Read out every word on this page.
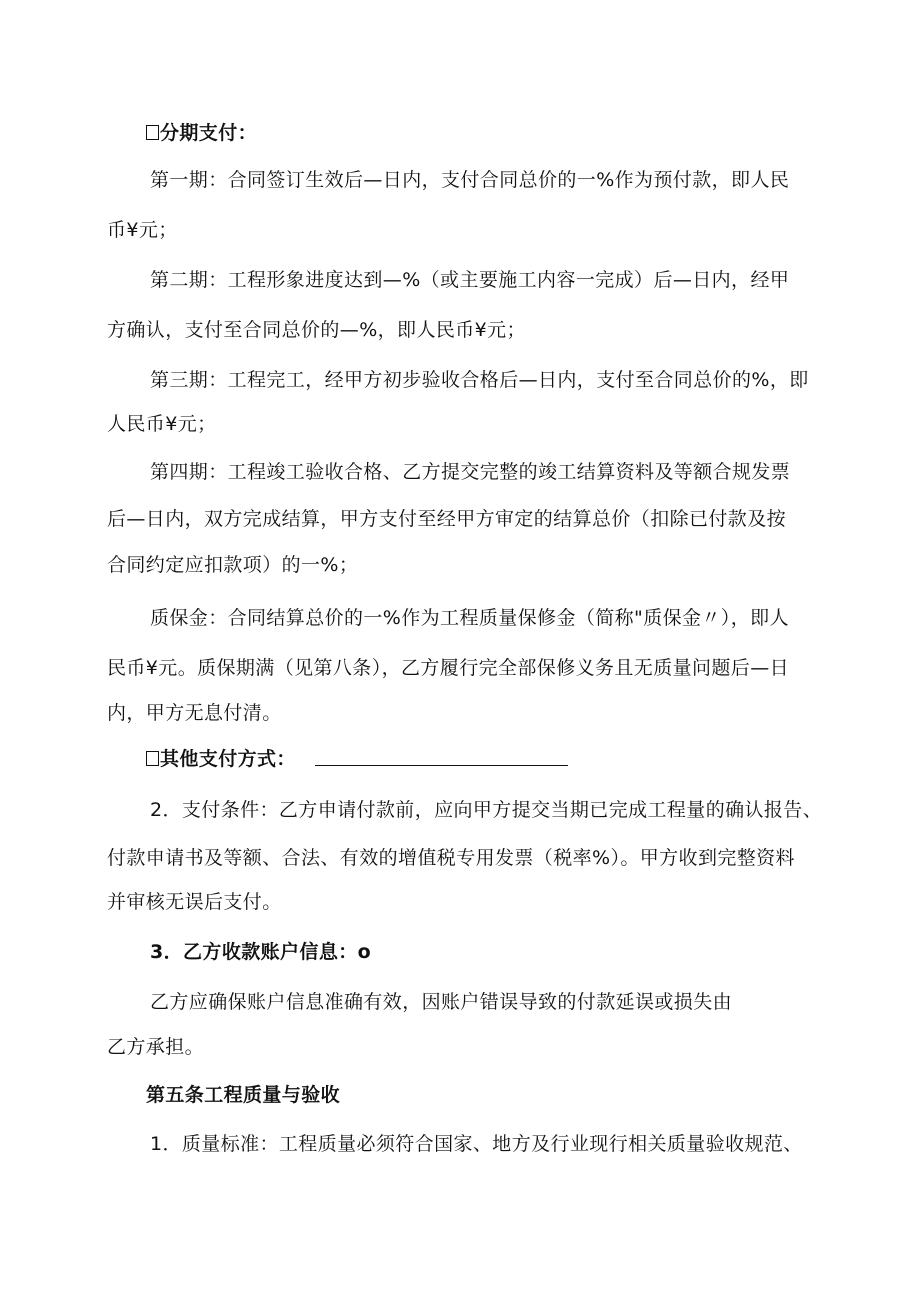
分期支付：
第一期：合同签订生效后—日内，支付合同总价的一%作为预付款，即人民
币¥元；
第二期：工程形象进度达到—%（或主要施工内容一完成）后—日内，经甲
方确认，支付至合同总价的—%，即人民币¥元；
第三期：工程完工，经甲方初步验收合格后—日内，支付至合同总价的%，即
人民币¥元；
第四期：工程竣工验收合格、乙方提交完整的竣工结算资料及等额合规发票
后—日内，双方完成结算，甲方支付至经甲方审定的结算总价（扣除已付款及按
合同约定应扣款项）的一%；
质保金：合同结算总价的一%作为工程质量保修金（简称"质保金〃），即人
民币¥元。质保期满（见第八条），乙方履行完全部保修义务且无质量问题后—日
内，甲方无息付清。
其他支付方式：
2．支付条件：乙方申请付款前，应向甲方提交当期已完成工程量的确认报告、
付款申请书及等额、合法、有效的增值税专用发票（税率%）。甲方收到完整资料
并审核无误后支付。
3．乙方收款账户信息：o
乙方应确保账户信息准确有效，因账户错误导致的付款延误或损失由
乙方承担。
第五条工程质量与验收
1．质量标准：工程质量必须符合国家、地方及行业现行相关质量验收规范、
